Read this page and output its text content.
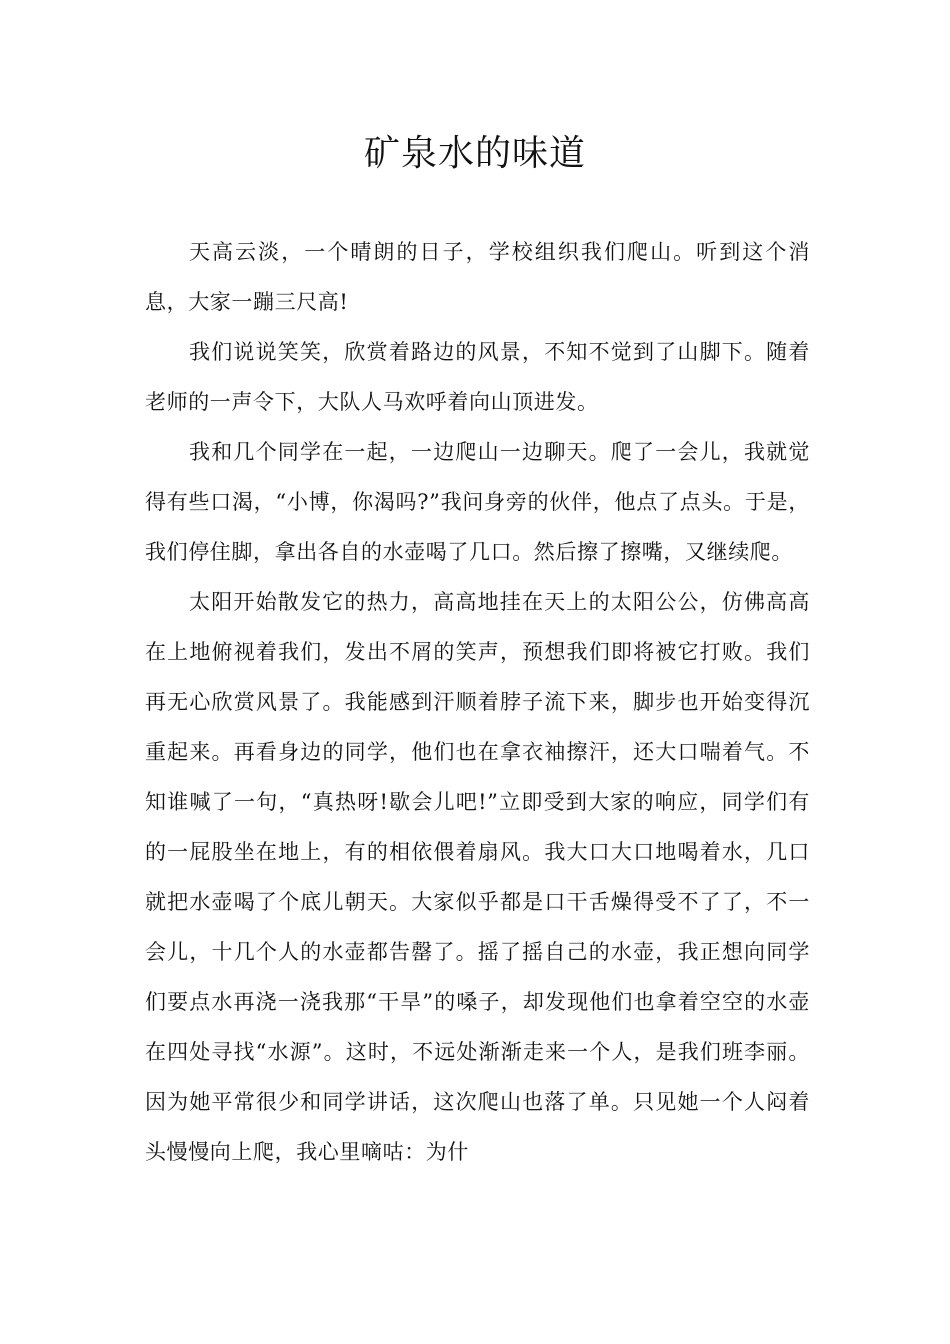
矿泉水的味道

天高云淡，一个晴朗的日子，学校组织我们爬山。听到这个消息，大家一蹦三尺高!

我们说说笑笑，欣赏着路边的风景，不知不觉到了山脚下。随着老师的一声令下，大队人马欢呼着向山顶进发。

我和几个同学在一起，一边爬山一边聊天。爬了一会儿，我就觉得有些口渴，“小博，你渴吗?”我问身旁的伙伴，他点了点头。于是，我们停住脚，拿出各自的水壶喝了几口。然后擦了擦嘴，又继续爬。

太阳开始散发它的热力，高高地挂在天上的太阳公公，仿佛高高在上地俯视着我们，发出不屑的笑声，预想我们即将被它打败。我们再无心欣赏风景了。我能感到汗顺着脖子流下来，脚步也开始变得沉重起来。再看身边的同学，他们也在拿衣袖擦汗，还大口喘着气。不知谁喊了一句，“真热呀!歇会儿吧!”立即受到大家的响应，同学们有的一屁股坐在地上，有的相依偎着扇风。我大口大口地喝着水，几口就把水壶喝了个底儿朝天。大家似乎都是口干舌燥得受不了了，不一会儿，十几个人的水壶都告罄了。摇了摇自己的水壶，我正想向同学们要点水再浇一浇我那“干旱”的嗓子，却发现他们也拿着空空的水壶在四处寻找“水源”。这时，不远处渐渐走来一个人，是我们班李丽。因为她平常很少和同学讲话，这次爬山也落了单。只见她一个人闷着头慢慢向上爬，我心里嘀咕：为什
